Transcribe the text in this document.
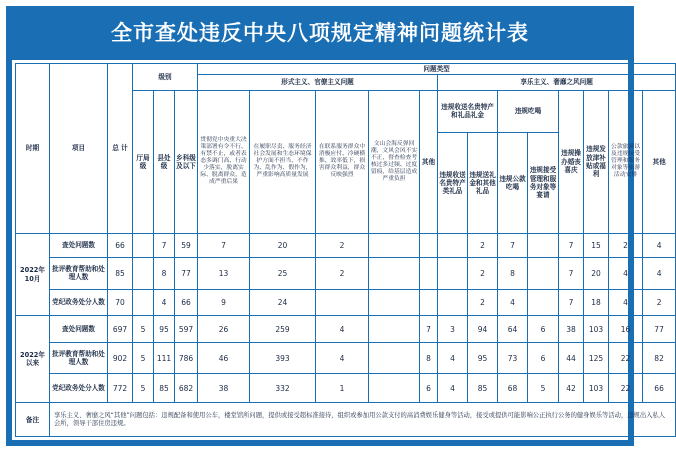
全市查处违反中央八项规定精神问题统计表
时期	项目	总 计	级别			问题类型												
						形式主义、官僚主义问题					享乐主义、奢靡之风问题							
			厅局级	县处级	乡科级及以下	贯彻党中央重大决策部署有令不行、有禁不止，或者表态多调门高、行动少落实，脱离实际、脱离群众，造成严重后果	在履职尽责、服务经济社会发展和生态环境保护方面不担当、不作为、乱作为、假作为，严重影响高质量发展	在联系服务群众中消极应付、冷硬横推、效率低下，损害群众利益，群众反映强烈	文山会海反弹回潮，文风会风不实不正，督查检查考核过多过频、过度留痕，给基层造成严重负担	其他	违规收送名贵特产和礼品礼金		违规吃喝		违规操办婚丧喜庆	违规发放津补贴或福利	公款旅游以及违规接受管理和服务对象等旅游活动安排	其他
											违规收送名贵特产类礼品	违规送礼金和其他礼品	违规公款吃喝	违规接受管理和服务对象等宴请				
2022年10月	查处问题数	66		7	59	7	20	2				2	7		7	15	2	4
	批评教育帮助和处理人数	85		8	77	13	25	2				2	8		7	20	4	4
	党纪政务处分人数	70		4	66	9	24					2	4		7	18	4	2
2022年以来	查处问题数	697	5	95	597	26	259	4		7	3	94	64	6	38	103	16	77
	批评教育帮助和处理人数	902	5	111	786	46	393	4		8	4	95	73	6	44	125	22	82
	党纪政务处分人数	772	5	85	682	38	332	1		6	4	85	68	5	42	103	22	66
备注	享乐主义、奢靡之风“其他”问题包括：违规配备和使用公车，楼堂馆所问题，提供或接受超标准接待，组织或参加用公款支付的高消费娱乐健身等活动，接受或提供可能影响公正执行公务的健身娱乐等活动，违规出入私人会所，领导干部住房违规。																	
